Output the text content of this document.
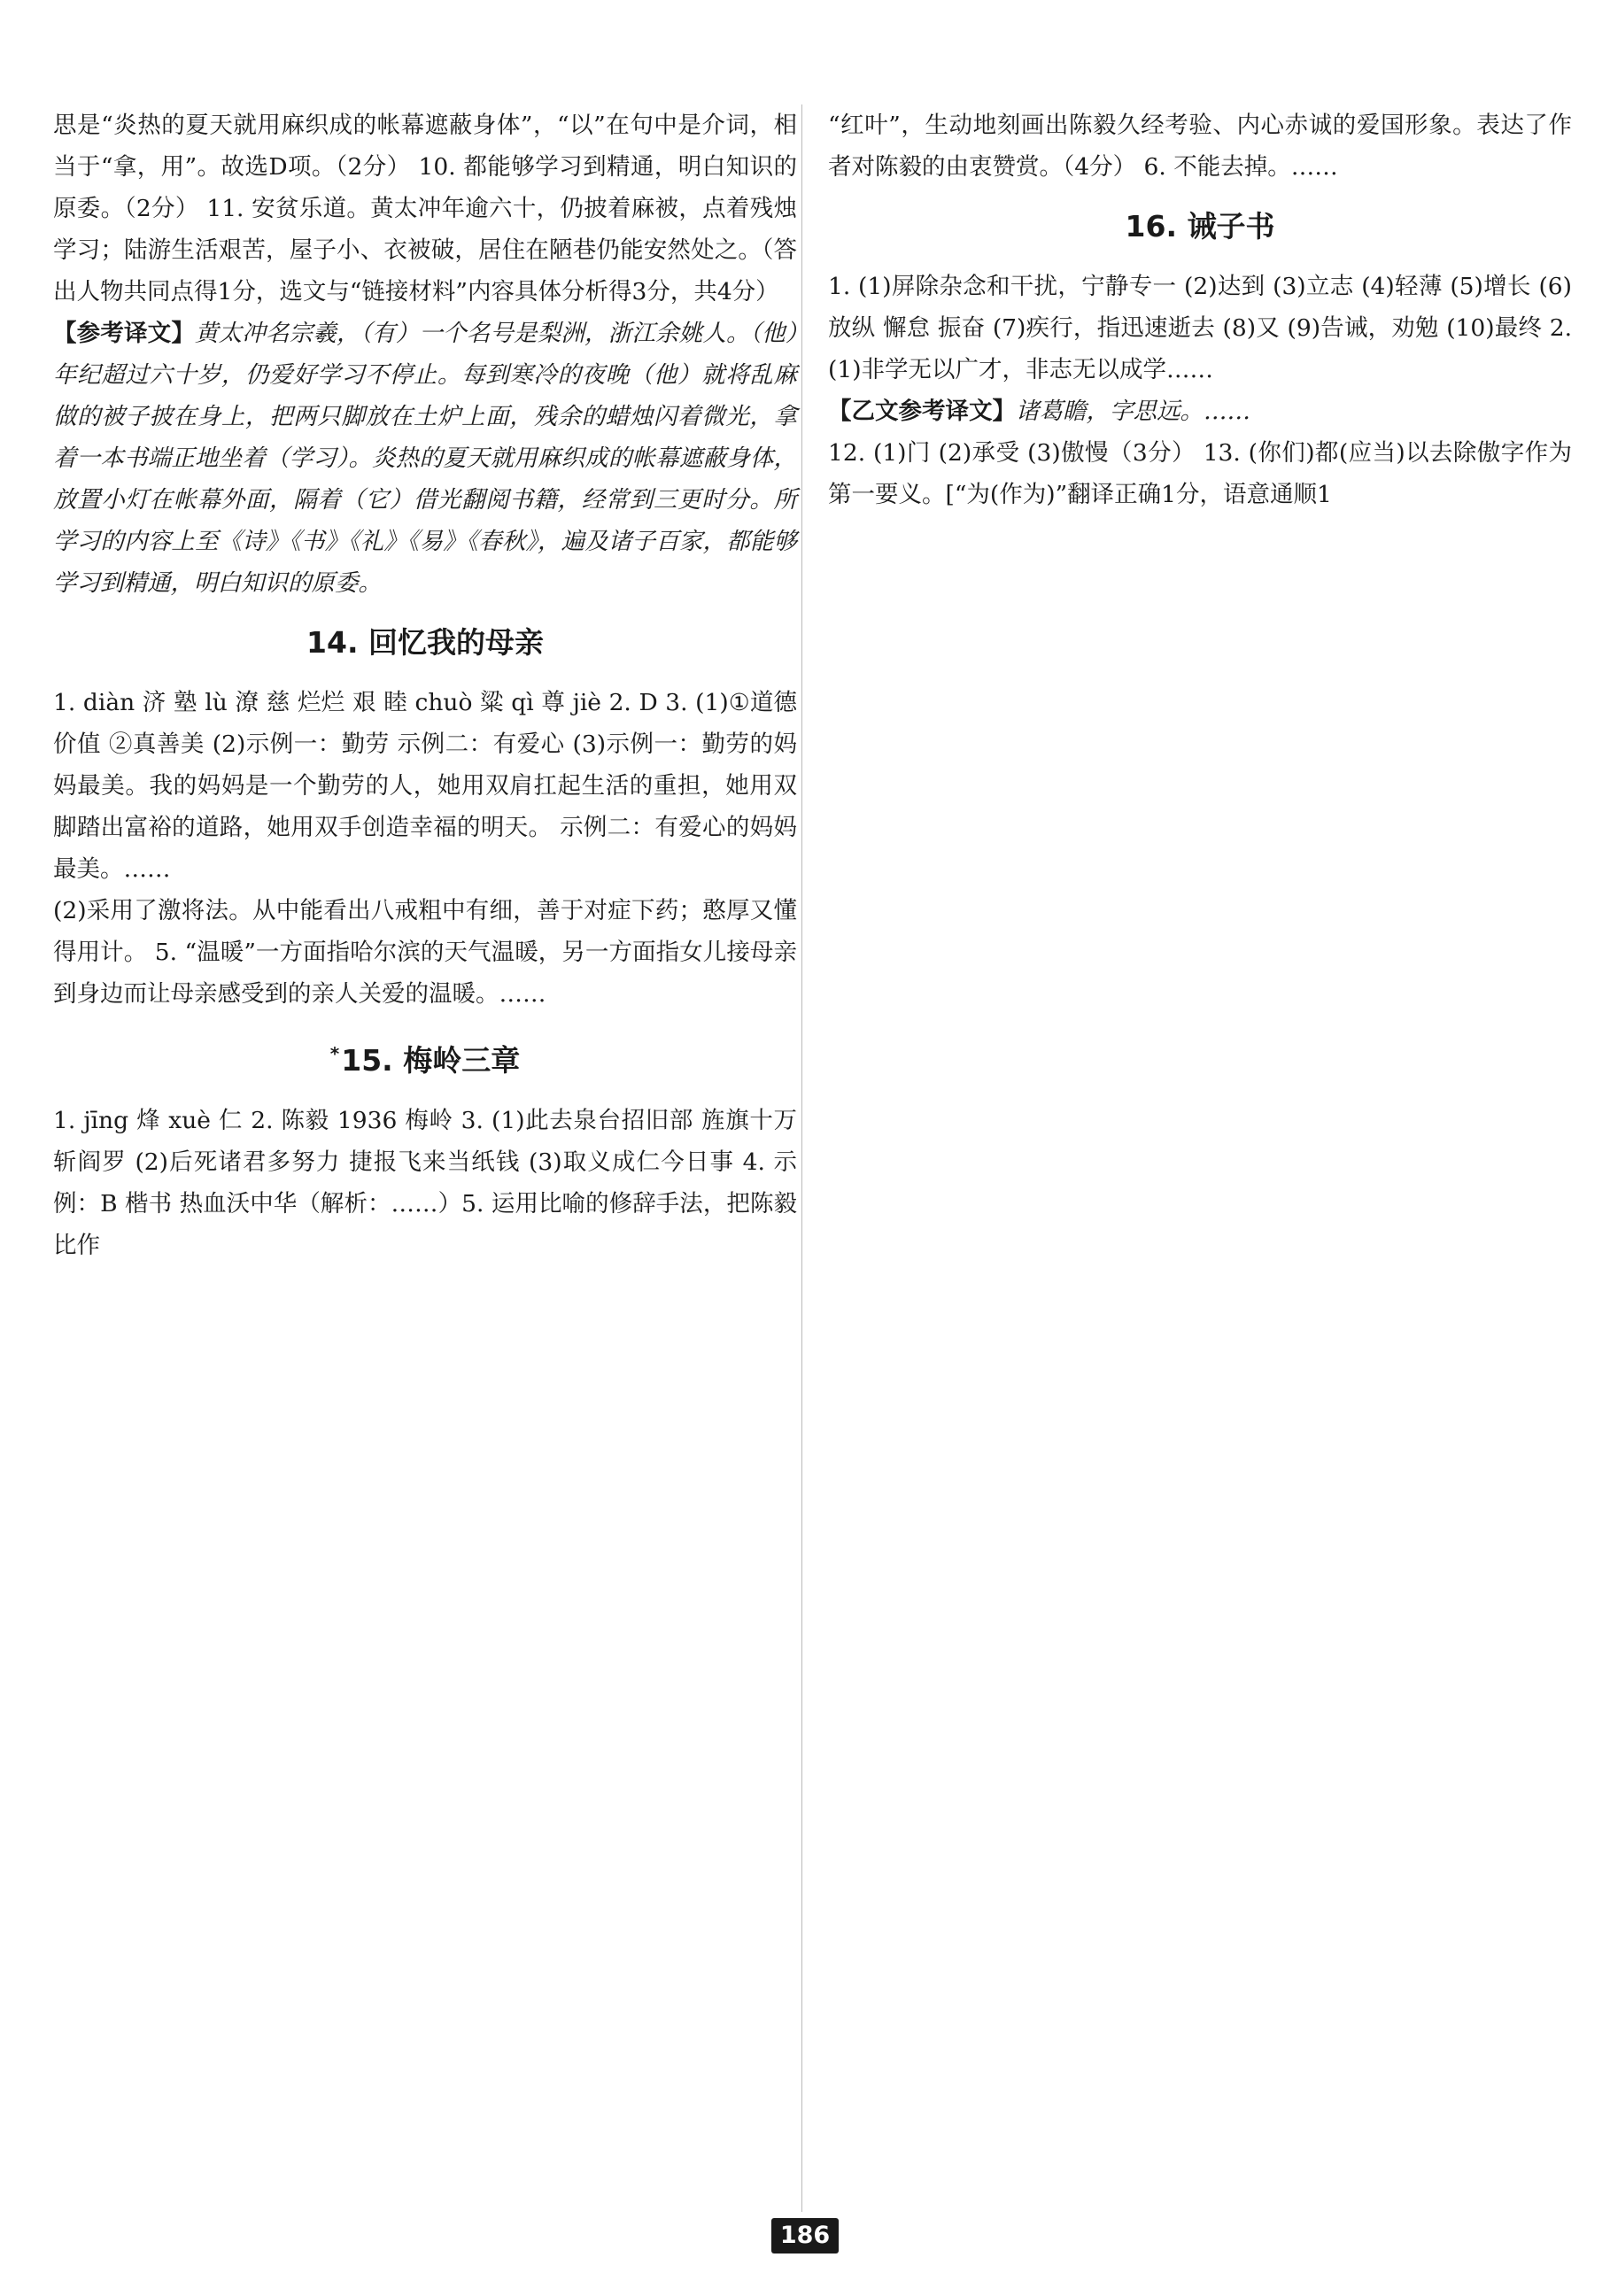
思是“炎热的夏天就用麻织成的帐幕遮蔽身体”，“以”在句中是介词，相当于“拿，用”。故选D项。（2分） 10. 都能够学习到精通，明白知识的原委。（2分） 11. 安贫乐道。黄太冲年逾六十，仍披着麻被，点着残烛学习；陆游生活艰苦，屋子小、衣被破，居住在陋巷仍能安然处之。（答出人物共同点得1分，选文与“链接材料”内容具体分析得3分，共4分）

【参考译文】黄太冲名宗羲，（有）一个名号是梨洲，浙江余姚人。（他）年纪超过六十岁，仍爱好学习不停止。每到寒冷的夜晚（他）就将乱麻做的被子披在身上，把两只脚放在土炉上面，残余的蜡烛闪着微光，拿着一本书端正地坐着（学习）。炎热的夏天就用麻织成的帐幕遮蔽身体，放置小灯在帐幕外面，隔着（它）借光翻阅书籍，经常到三更时分。所学习的内容上至《诗》《书》《礼》《易》《春秋》，遍及诸子百家，都能够学习到精通，明白知识的原委。

14. 回忆我的母亲

1. diàn 济 塾 lù 潦 慈 烂烂 艰 睦 chuò 粱 qì 尊 jiè 2. D 3. (1)①道德价值 ②真善美 (2)示例一：勤劳 示例二：有爱心 (3)示例一：勤劳的妈妈最美。我的妈妈是一个勤劳的人，她用双肩扛起生活的重担，她用双脚踏出富裕的道路，她用双手创造幸福的明天。 示例二：有爱心的妈妈最美。……

(2)采用了激将法。从中能看出八戒粗中有细，善于对症下药；憨厚又懂得用计。 5. “温暖”一方面指哈尔滨的天气温暖，另一方面指女儿接母亲到身边而让母亲感受到的亲人关爱的温暖。……

*15. 梅岭三章

1. jīng 烽 xuè 仁 2. 陈毅 1936 梅岭 3. (1)此去泉台招旧部 旌旗十万斩阎罗 (2)后死诸君多努力 捷报飞来当纸钱 (3)取义成仁今日事 4. 示例：B 楷书 热血沃中华（解析：……）5. 运用比喻的修辞手法，把陈毅比作

“红叶”，生动地刻画出陈毅久经考验、内心赤诚的爱国形象。表达了作者对陈毅的由衷赞赏。（4分） 6. 不能去掉。……

16. 诫子书

1. (1)屏除杂念和干扰，宁静专一 (2)达到 (3)立志 (4)轻薄 (5)增长 (6)放纵 懈怠 振奋 (7)疾行，指迅速逝去 (8)又 (9)告诫，劝勉 (10)最终 2. (1)非学无以广才，非志无以成学……

【乙文参考译文】诸葛瞻，字思远。……

12. (1)门 (2)承受 (3)傲慢（3分） 13. (你们)都(应当)以去除傲字作为第一要义。[“为(作为)”翻译正确1分，语意通顺1

186
